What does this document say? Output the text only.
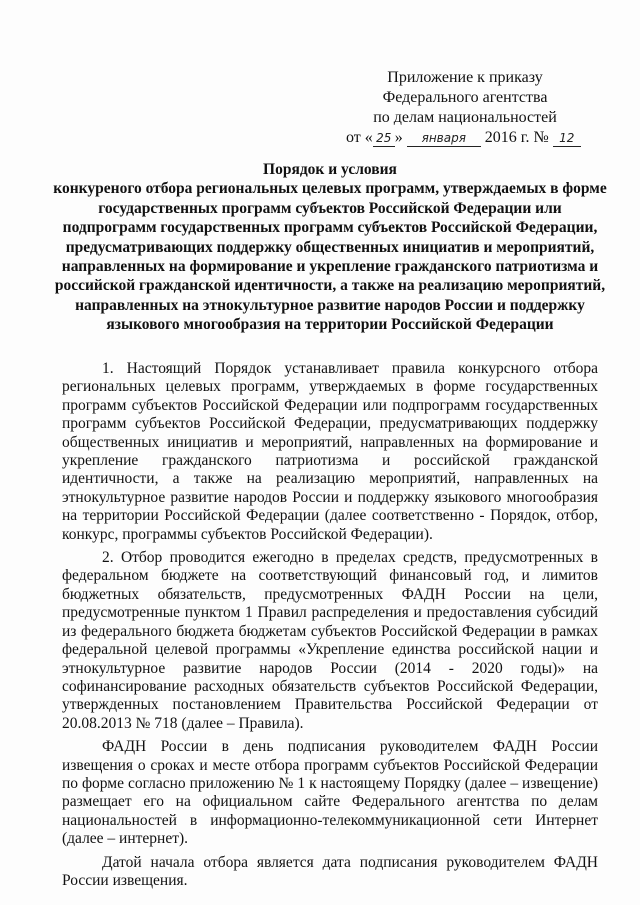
Приложение к приказу
Федерального агентства
по делам национальностей
от « 25 » января 2016 г. № 12
Порядок и условия
конкуреного отбора региональных целевых программ, утверждаемых в форме государственных программ субъектов Российской Федерации или подпрограмм государственных программ субъектов Российской Федерации, предусматривающих поддержку общественных инициатив и мероприятий, направленных на формирование и укрепление гражданского патриотизма и российской гражданской идентичности, а также на реализацию мероприятий, направленных на этнокультурное развитие народов России и поддержку языкового многообразия на территории Российской Федерации

1. Настоящий Порядок устанавливает правила конкурсного отбора региональных целевых программ, утверждаемых в форме государственных программ субъектов Российской Федерации или подпрограмм государственных программ субъектов Российской Федерации, предусматривающих поддержку общественных инициатив и мероприятий, направленных на формирование и укрепление гражданского патриотизма и российской гражданской идентичности, а также на реализацию мероприятий, направленных на этнокультурное развитие народов России и поддержку языкового многообразия на территории Российской Федерации (далее соответственно - Порядок, отбор, конкурс, программы субъектов Российской Федерации).

2. Отбор проводится ежегодно в пределах средств, предусмотренных в федеральном бюджете на соответствующий финансовый год, и лимитов бюджетных обязательств, предусмотренных ФАДН России на цели, предусмотренные пунктом 1 Правил распределения и предоставления субсидий из федерального бюджета бюджетам субъектов Российской Федерации в рамках федеральной целевой программы «Укрепление единства российской нации и этнокультурное развитие народов России (2014 - 2020 годы)» на софинансирование расходных обязательств субъектов Российской Федерации, утвержденных постановлением Правительства Российской Федерации от 20.08.2013 № 718 (далее – Правила).

ФАДН России в день подписания руководителем ФАДН России извещения о сроках и месте отбора программ субъектов Российской Федерации по форме согласно приложению № 1 к настоящему Порядку (далее – извещение) размещает его на официальном сайте Федерального агентства по делам национальностей в информационно-телекоммуникационной сети Интернет (далее – интернет).

Датой начала отбора является дата подписания руководителем ФАДН России извещения.
